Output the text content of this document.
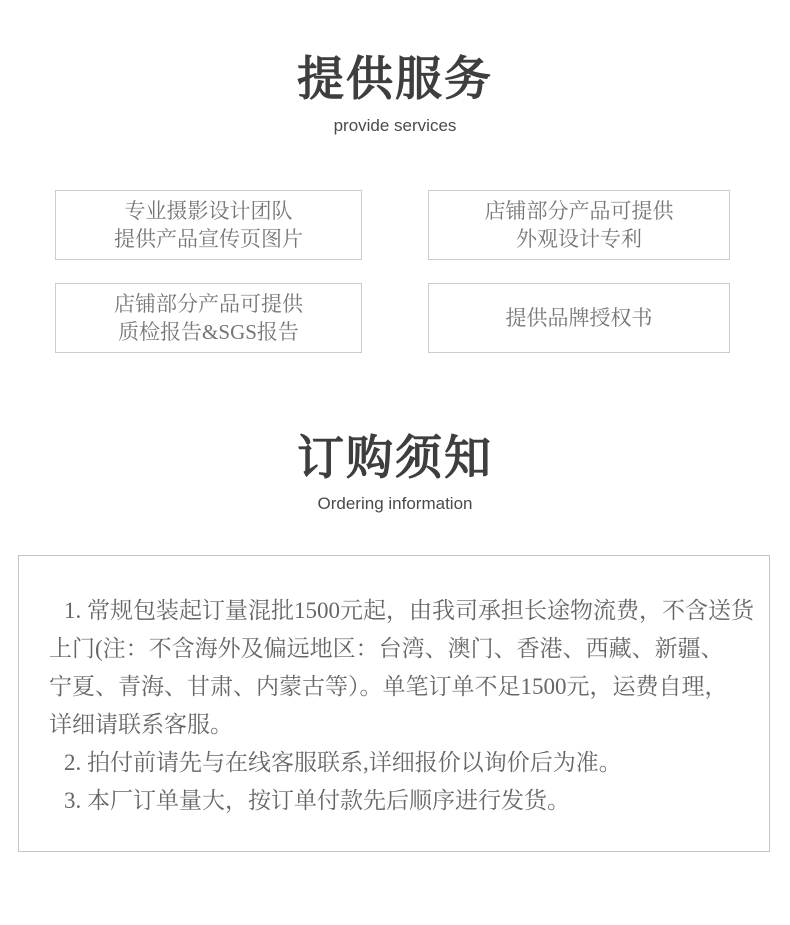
提供服务
provide services
专业摄影设计团队
提供产品宣传页图片
店铺部分产品可提供
外观设计专利
店铺部分产品可提供
质检报告&SGS报告
提供品牌授权书
订购须知
Ordering information
1. 常规包装起订量混批1500元起，由我司承担长途物流费，不含送货
上门(注：不含海外及偏远地区：台湾、澳门、香港、西藏、新疆、
宁夏、青海、甘肃、内蒙古等）。单笔订单不足1500元，运费自理，
详细请联系客服。
2. 拍付前请先与在线客服联系,详细报价以询价后为准。
3. 本厂订单量大，按订单付款先后顺序进行发货。
